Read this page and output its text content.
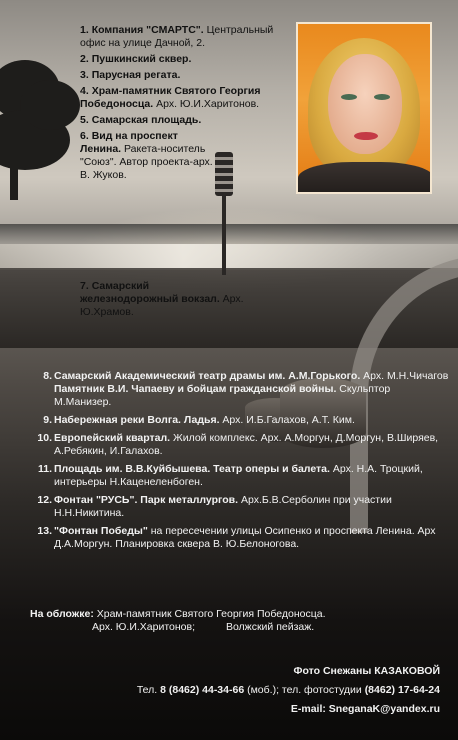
1. Компания "СМАРТС". Центральный офис на улице Дачной, 2.
2. Пушкинский сквер.
3. Парусная регата.
4. Храм-памятник Святого Георгия Победоносца. Арх. Ю.И.Харитонов.
5. Самарская площадь.
6. Вид на проспект Ленина. Ракета-носитель "Союз". Автор проекта-арх. В. Жуков.
7. Самарский железнодорожный вокзал. Арх. Ю.Храмов.
8. Самарский Академический театр драмы им. А.М.Горького. Арх. М.Н.Чичагов
Памятник В.И. Чапаеву и бойцам гражданской войны. Скульптор М.Манизер.
9. Набережная реки Волга. Ладья. Арх. И.Б.Галахов, А.Т. Ким.
10. Европейский квартал. Жилой комплекс. Арх. А.Моргун, Д.Моргун, В.Ширяев, А.Ребякин, И.Галахов.
11. Площадь им. В.В.Куйбышева. Театр оперы и балета. Арх. Н.А. Троцкий, интерьеры Н.Каценеленбоген.
12. Фонтан "РУСЬ". Парк металлургов. Арх.Б.В.Серболин при участии Н.Н.Никитина.
13. "Фонтан Победы" на пересечении улицы Осипенко и проспекта Ленина. Арх Д.А.Моргун. Планировка сквера В. Ю.Белоногова.
На обложке: Храм-памятник Святого Георгия Победоносца.
Арх. Ю.И.Харитонов;	Волжский пейзаж.
Фото Снежаны КАЗАКОВОЙ
Тел. 8 (8462) 44-34-66 (моб.); тел. фотостудии (8462) 17-64-24
E-mail: SneganaK@yandex.ru
